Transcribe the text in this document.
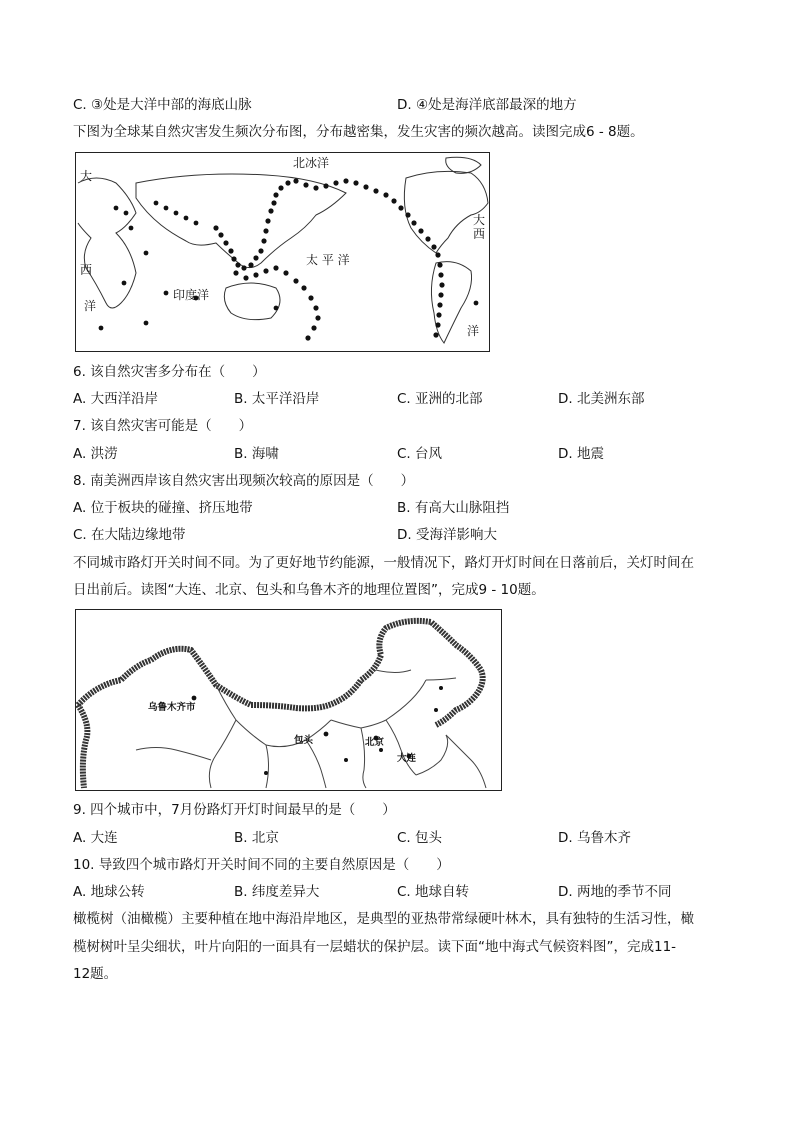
C. ③处是大洋中部的海底山脉	D. ④处是海洋底部最深的地方
下图为全球某自然灾害发生频次分布图，分布越密集，发生灾害的频次越高。读图完成6 - 8题。
北冰洋
太 平 洋
印度洋
大
西
洋
大
西
洋
6. 该自然灾害多分布在（　　）
A. 大西洋沿岸	B. 太平洋沿岸	C. 亚洲的北部	D. 北美洲东部
7. 该自然灾害可能是（　　）
A. 洪涝	B. 海啸	C. 台风	D. 地震
8. 南美洲西岸该自然灾害出现频次较高的原因是（　　）
A. 位于板块的碰撞、挤压地带	B. 有高大山脉阻挡
C. 在大陆边缘地带	D. 受海洋影响大
不同城市路灯开关时间不同。为了更好地节约能源，一般情况下，路灯开灯时间在日落前后，关灯时间在
日出前后。读图“大连、北京、包头和乌鲁木齐的地理位置图”，完成9 - 10题。
乌鲁木齐市
包头	北京
大连
9. 四个城市中，7月份路灯开灯时间最早的是（　　）
A. 大连	B. 北京	C. 包头	D. 乌鲁木齐
10. 导致四个城市路灯开关时间不同的主要自然原因是（　　）
A. 地球公转	B. 纬度差异大	C. 地球自转	D. 两地的季节不同
橄榄树（油橄榄）主要种植在地中海沿岸地区，是典型的亚热带常绿硬叶林木，具有独特的生活习性，橄
榄树树叶呈尖细状，叶片向阳的一面具有一层蜡状的保护层。读下面“地中海式气候资料图”，完成11-
12题。
